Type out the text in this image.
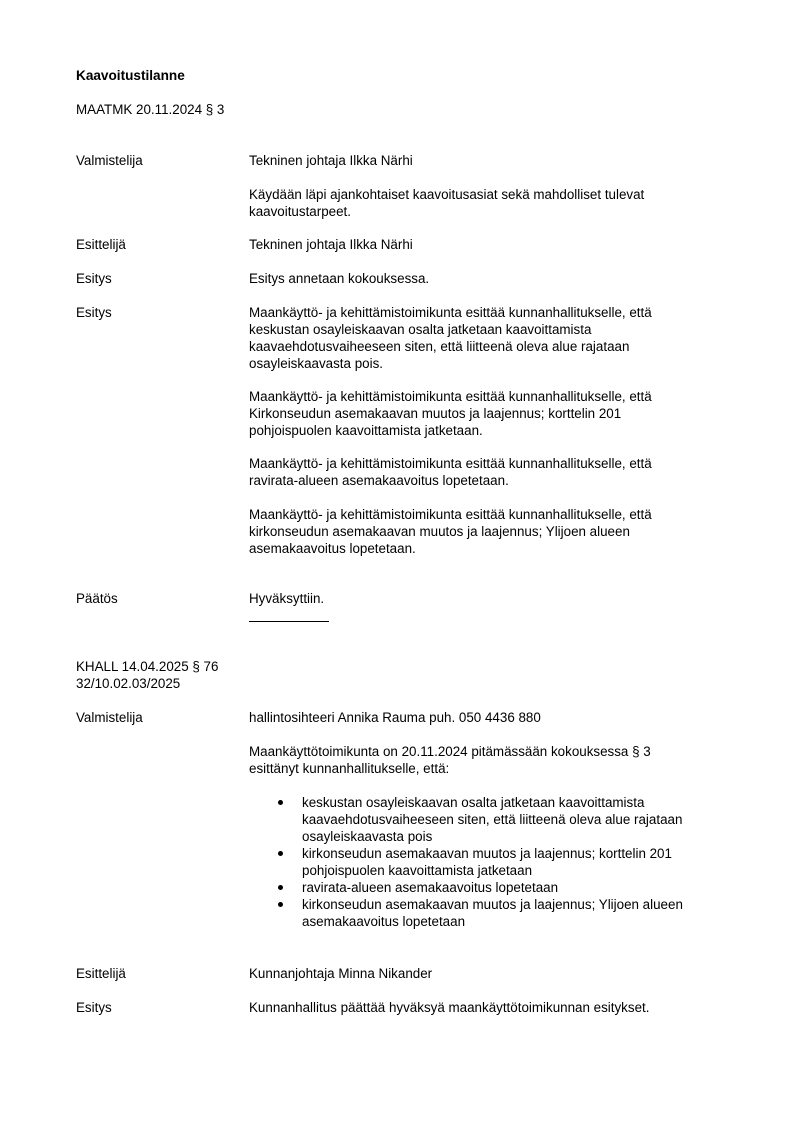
Kaavoitustilanne
MAATMK 20.11.2024 § 3
Valmistelija	Tekninen johtaja Ilkka Närhi
Käydään läpi ajankohtaiset kaavoitusasiat sekä mahdolliset tulevat
kaavoitustarpeet.
Esittelijä	Tekninen johtaja Ilkka Närhi
Esitys	Esitys annetaan kokouksessa.
Esitys	Maankäyttö- ja kehittämistoimikunta esittää kunnanhallitukselle, että
keskustan osayleiskaavan osalta jatketaan kaavoittamista
kaavaehdotusvaiheeseen siten, että liitteenä oleva alue rajataan
osayleiskaavasta pois.
Maankäyttö- ja kehittämistoimikunta esittää kunnanhallitukselle, että
Kirkonseudun asemakaavan muutos ja laajennus; korttelin 201
pohjoispuolen kaavoittamista jatketaan.
Maankäyttö- ja kehittämistoimikunta esittää kunnanhallitukselle, että
ravirata-alueen asemakaavoitus lopetetaan.
Maankäyttö- ja kehittämistoimikunta esittää kunnanhallitukselle, että
kirkonseudun asemakaavan muutos ja laajennus; Ylijoen alueen
asemakaavoitus lopetetaan.
Päätös	Hyväksyttiin.
KHALL 14.04.2025 § 76
32/10.02.03/2025
Valmistelija	hallintosihteeri Annika Rauma puh. 050 4436 880
Maankäyttötoimikunta on 20.11.2024 pitämässään kokouksessa § 3
esittänyt kunnanhallitukselle, että:
keskustan osayleiskaavan osalta jatketaan kaavoittamista
kaavaehdotusvaiheeseen siten, että liitteenä oleva alue rajataan
osayleiskaavasta pois
kirkonseudun asemakaavan muutos ja laajennus; korttelin 201
pohjoispuolen kaavoittamista jatketaan
ravirata-alueen asemakaavoitus lopetetaan
kirkonseudun asemakaavan muutos ja laajennus; Ylijoen alueen
asemakaavoitus lopetetaan
Esittelijä	Kunnanjohtaja Minna Nikander
Esitys	Kunnanhallitus päättää hyväksyä maankäyttötoimikunnan esitykset.
